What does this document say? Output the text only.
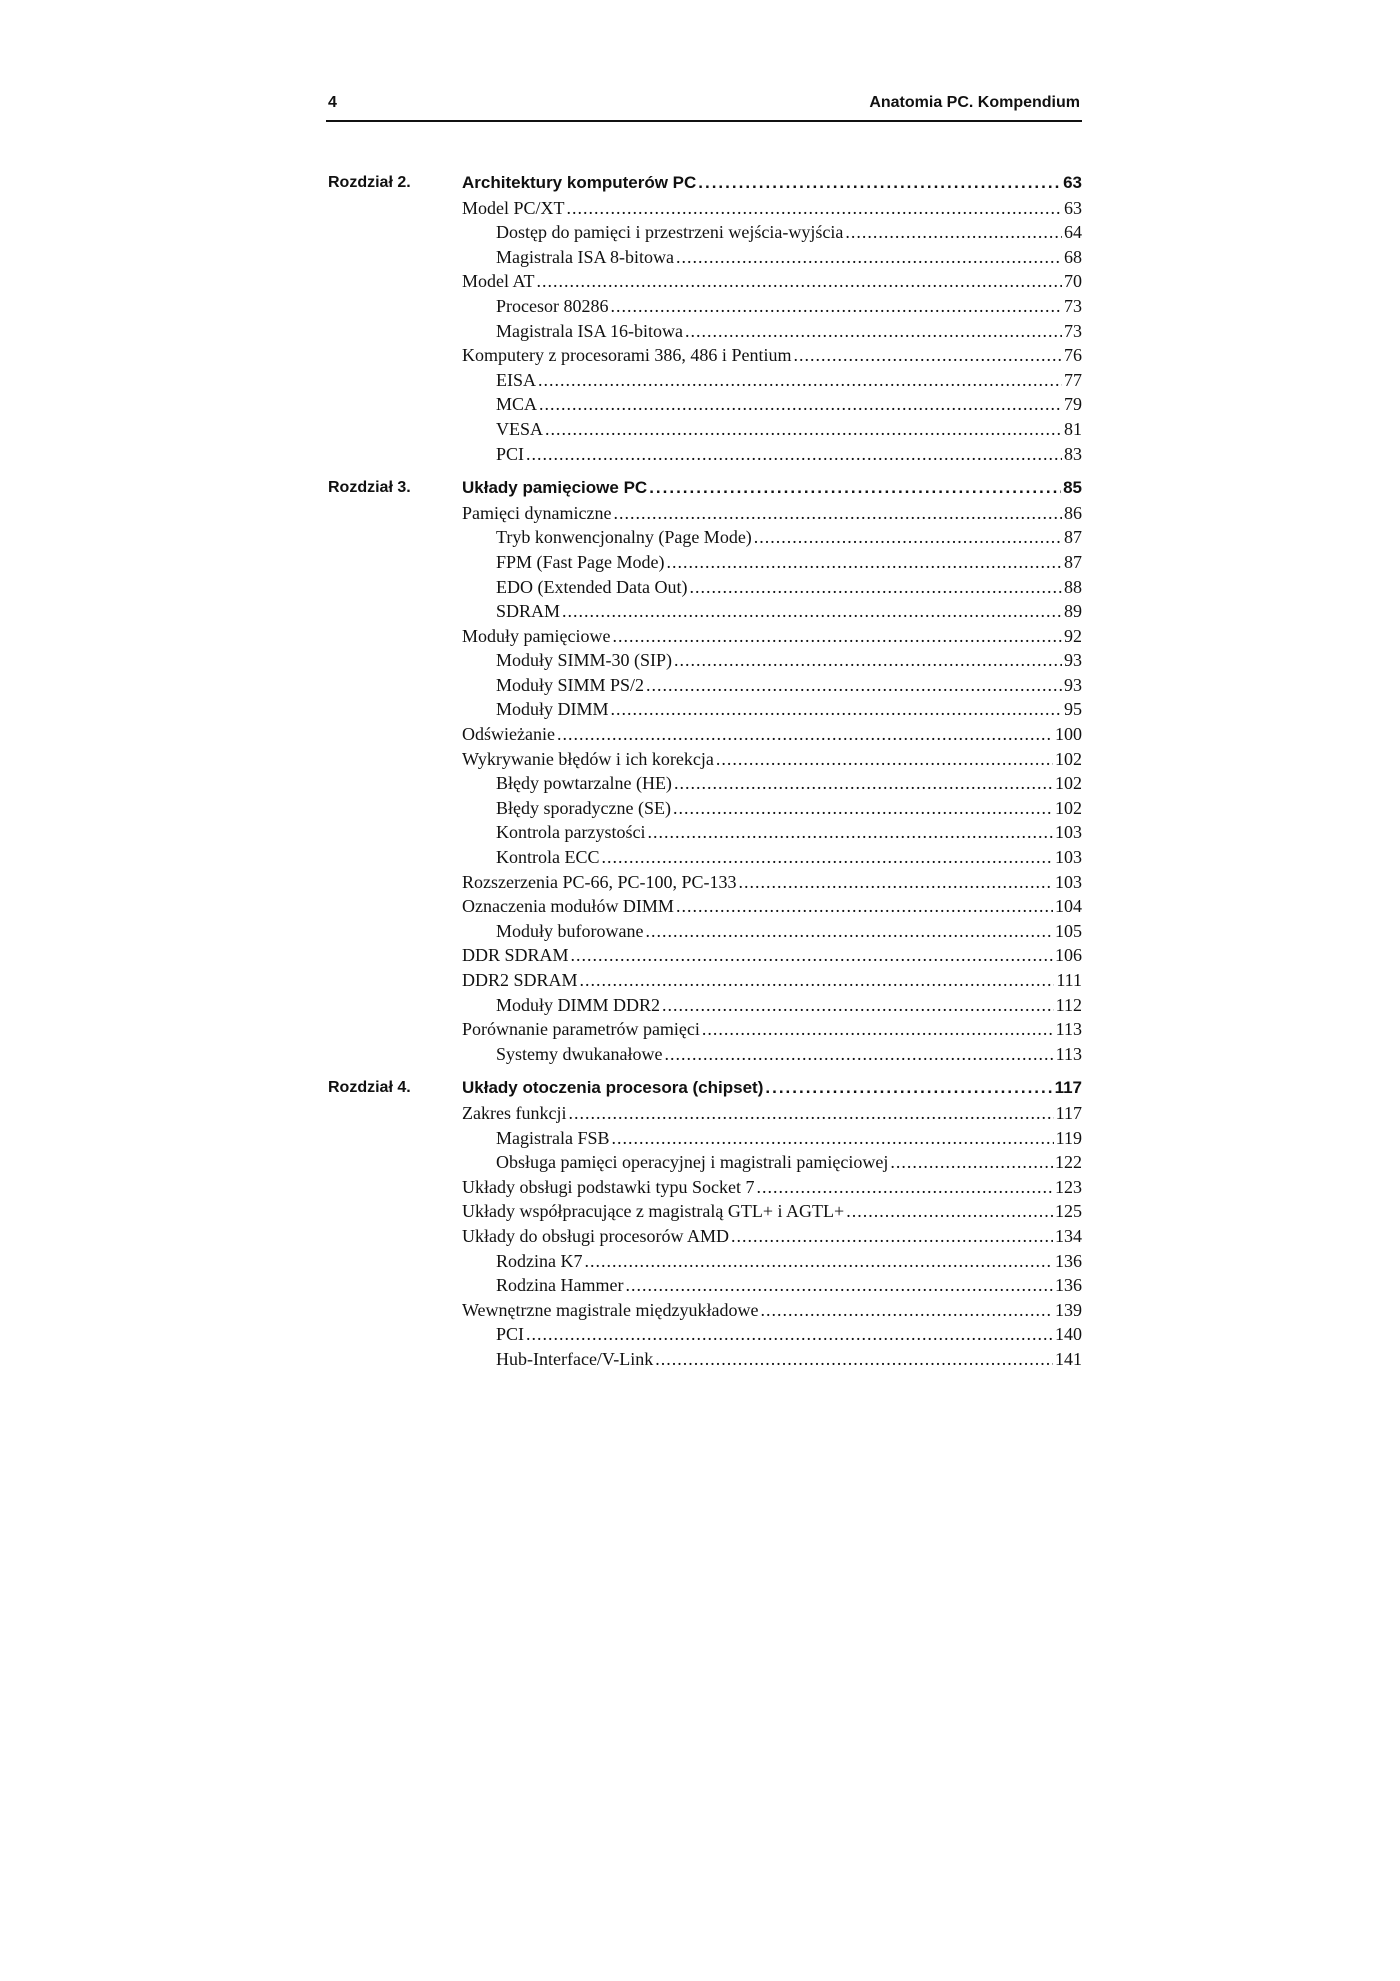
4	Anatomia PC. Kompendium
Rozdział 2.	Architektury komputerów PC .....	63
Model PC/XT .....	63
Dostęp do pamięci i przestrzeni wejścia-wyjścia .....	64
Magistrala ISA 8-bitowa .....	68
Model AT .....	70
Procesor 80286 .....	73
Magistrala ISA 16-bitowa .....	73
Komputery z procesorami 386, 486 i Pentium .....	76
EISA .....	77
MCA .....	79
VESA .....	81
PCI .....	83
Rozdział 3.	Układy pamięciowe PC .....	85
Pamięci dynamiczne .....	86
Tryb konwencjonalny (Page Mode) .....	87
FPM (Fast Page Mode) .....	87
EDO (Extended Data Out) .....	88
SDRAM .....	89
Moduły pamięciowe .....	92
Moduły SIMM-30 (SIP) .....	93
Moduły SIMM PS/2 .....	93
Moduły DIMM .....	95
Odświeżanie .....	100
Wykrywanie błędów i ich korekcja .....	102
Błędy powtarzalne (HE) .....	102
Błędy sporadyczne (SE) .....	102
Kontrola parzystości .....	103
Kontrola ECC .....	103
Rozszerzenia PC-66, PC-100, PC-133 .....	103
Oznaczenia modułów DIMM .....	104
Moduły buforowane .....	105
DDR SDRAM .....	106
DDR2 SDRAM .....	111
Moduły DIMM DDR2 .....	112
Porównanie parametrów pamięci .....	113
Systemy dwukanałowe .....	113
Rozdział 4.	Układy otoczenia procesora (chipset) .....	117
Zakres funkcji .....	117
Magistrala FSB .....	119
Obsługa pamięci operacyjnej i magistrali pamięciowej .....	122
Układy obsługi podstawki typu Socket 7 .....	123
Układy współpracujące z magistralą GTL+ i AGTL+ .....	125
Układy do obsługi procesorów AMD .....	134
Rodzina K7 .....	136
Rodzina Hammer .....	136
Wewnętrzne magistrale międzyukładowe .....	139
PCI .....	140
Hub-Interface/V-Link .....	141
